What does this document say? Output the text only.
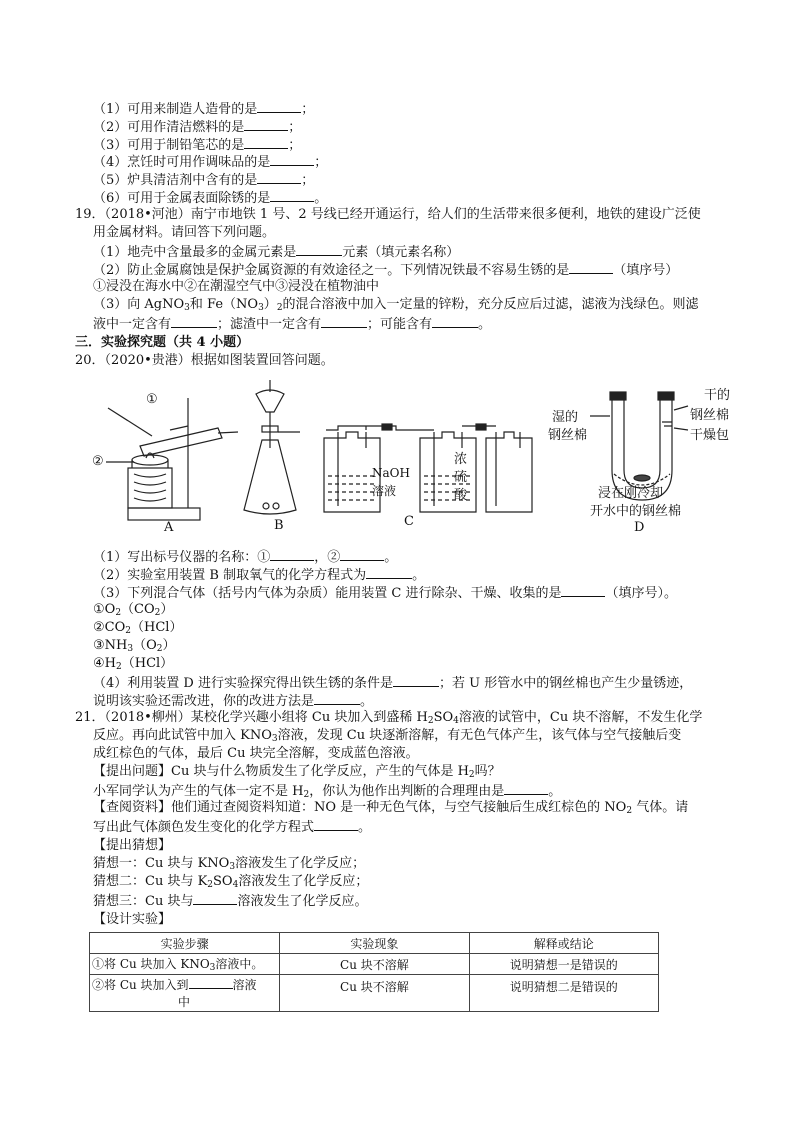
（1）可用来制造人造骨的是	；
（2）可用作清洁燃料的是	；
（3）可用于制铅笔芯的是	；
（4）烹饪时可用作调味品的是	；
（5）炉具清洁剂中含有的是	；
（6）可用于金属表面除锈的是	。
19．（2018•河池）南宁市地铁 1 号、2 号线已经开通运行，给人们的生活带来很多便利，地铁的建设广泛使
用金属材料。请回答下列问题。
（1）地壳中含量最多的金属元素是	元素（填元素名称）
（2）防止金属腐蚀是保护金属资源的有效途径之一。下列情况铁最不容易生锈的是	（填序号）
①浸没在海水中②在潮湿空气中③浸没在植物油中
（3）向 AgNO$_3$和 $Fe(NO_3)_2$的混合溶液中加入一定量的锌粉，充分反应后过滤，滤液为浅绿色。则滤
液中一定含有	；滤渣中一定含有	；可能含有	。
三．实验探究题（共 4 小题）
20．（2020•贵港）根据如图装置回答问题。
①
②
A	B	C	D
NaOH
溶液
浓
硫
酸
湿的
钢丝棉
干的
钢丝棉
干燥包
浸在刚冷却
开水中的钢丝棉
（1）写出标号仪器的名称：①	，②	。
（2）实验室用装置 B 制取氧气的化学方程式为	。
（3）下列混合气体（括号内气体为杂质）能用装置 C 进行除杂、干燥、收集的是	（填序号）。
$①O_2(CO_2)$
$②CO_2(HCl)$
$③NH_3(O_2)$
$④H_2(HCl)$
（4）利用装置 D 进行实验探究得出铁生锈的条件是	；若 U 形管水中的钢丝棉也产生少量锈迹，
说明该实验还需改进，你的改进方法是	。
21．（2018•柳州）某校化学兴趣小组将 Cu 块加入到盛稀 $H_2SO_4$溶液的试管中，Cu 块不溶解，不发生化学
反应。再向此试管中加入 $KNO_3$溶液，发现 Cu 块逐渐溶解，有无色气体产生，该气体与空气接触后变
成红棕色的气体，最后 Cu 块完全溶解，变成蓝色溶液。
【提出问题】Cu 块与什么物质发生了化学反应，产生的气体是 $H_2$吗？
小军同学认为产生的气体一定不是 $H_2$，你认为他作出判断的合理理由是	。
【查阅资料】他们通过查阅资料知道：NO 是一种无色气体，与空气接触后生成红棕色的 $NO_2$ 气体。请
写出此气体颜色发生变化的化学方程式	。
【提出猜想】
猜想一：Cu 块与 $KNO_3$溶液发生了化学反应；
猜想二：Cu 块与 $K_2SO_4$溶液发生了化学反应；
猜想三：Cu 块与	溶液发生了化学反应。
【设计实验】
实验步骤	实验现象	解释或结论
①将 Cu 块加入 $KNO_3$溶液中。	Cu 块不溶解	说明猜想一是错误的
②将 Cu 块加入到 溶液
中	Cu 块不溶解	说明猜想二是错误的
